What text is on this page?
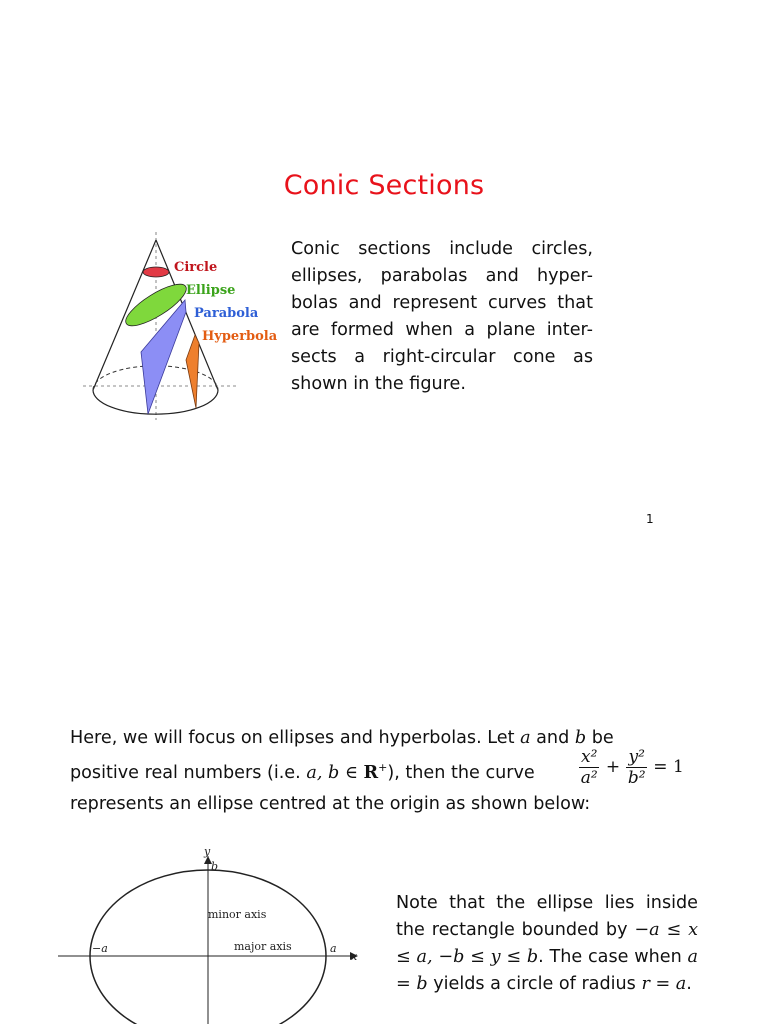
Conic Sections
Circle
Ellipse
Parabola
Hyperbola
Conic sections include circles, ellipses, parabolas and hyper-bolas and represent curves that are formed when a plane inter-sects a right-circular cone as shown in the figure.
1
Here, we will focus on ellipses and hyperbolas. Let a and b be
positive real numbers (i.e. a, b ∈ R+), then the curve	$\frac{\text{x²}}{\text{a²}} + \frac{\text{y²}}{\text{b²}} = 1$
represents an ellipse centred at the origin as shown below:
y
b
x
a
−a
minor axis
major axis
Note that the ellipse lies inside the rectangle bounded by −a ≤ x ≤ a, −b ≤ y ≤ b. The case when a = b yields a circle of radius r = a.
